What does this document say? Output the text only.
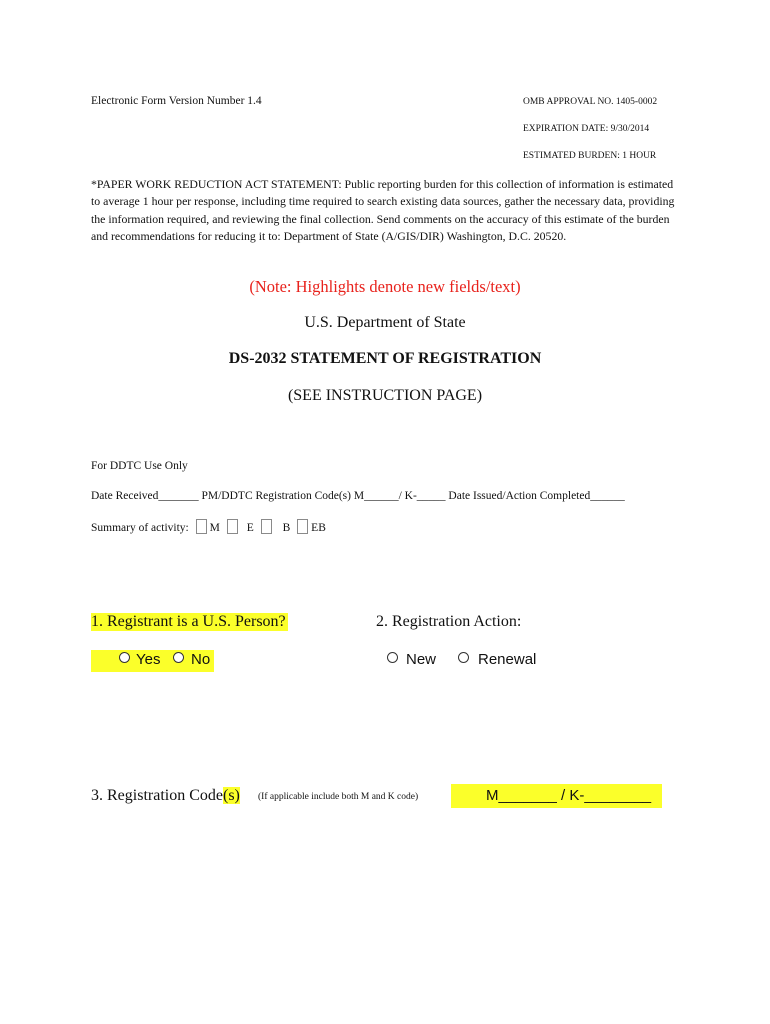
Electronic Form Version Number 1.4	OMB APPROVAL NO. 1405-0002
EXPIRATION DATE: 9/30/2014
ESTIMATED BURDEN: 1 HOUR
*PAPER WORK REDUCTION ACT STATEMENT: Public reporting burden for this collection of information is estimated to average 1 hour per response, including time required to search existing data sources, gather the necessary data, providing the information required, and reviewing the final collection. Send comments on the accuracy of this estimate of the burden and recommendations for reducing it to: Department of State (A/GIS/DIR) Washington, D.C. 20520.
(Note: Highlights denote new fields/text)
U.S. Department of State
DS-2032 STATEMENT OF REGISTRATION
(SEE INSTRUCTION PAGE)
For DDTC Use Only
Date Received_______ PM/DDTC Registration Code(s) M______/ K-_____ Date Issued/Action Completed______
Summary of activity: M E	B EB
1. Registrant is a U.S. Person?
Yes No
2. Registration Action:
New	Renewal
3. Registration Code(s) (If applicable include both M and K code)	M_______ / K-________
